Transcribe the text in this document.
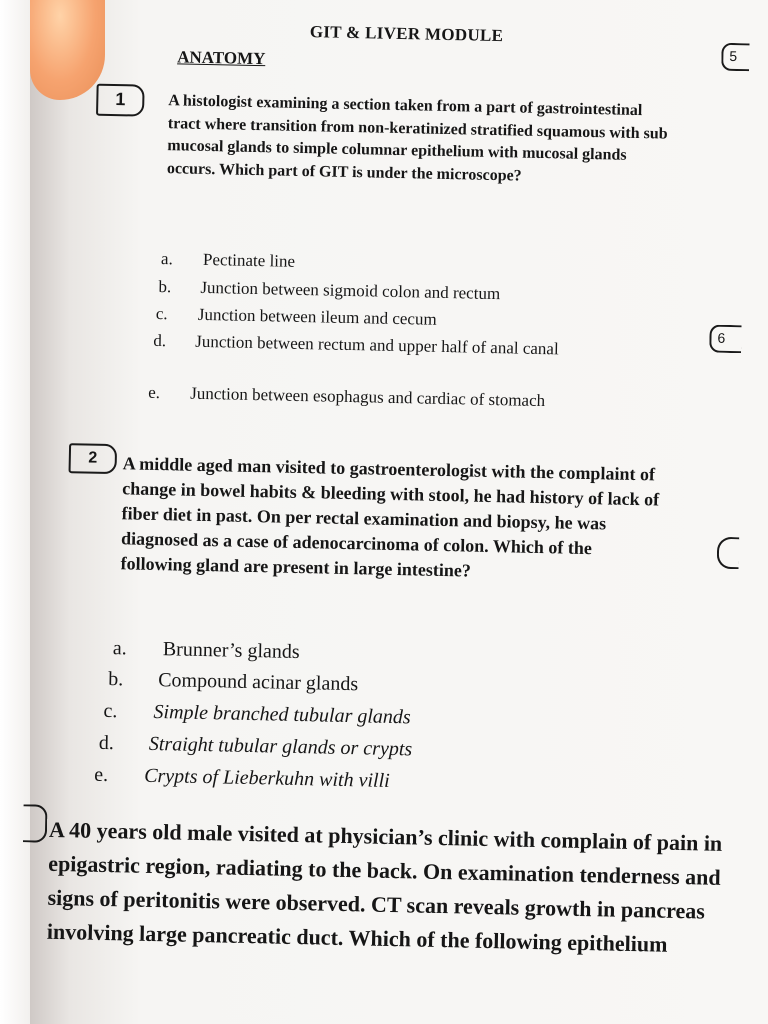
GIT & LIVER MODULE
ANATOMY	5
6
1	A histologist examining a section taken from a part of gastrointestinal tract where transition from non-keratinized stratified squamous with sub mucosal glands to simple columnar epithelium with mucosal glands occurs. Which part of GIT is under the microscope?

a. Pectinate line

b. Junction between sigmoid colon and rectum

c. Junction between ileum and cecum

d. Junction between rectum and upper half of anal canal

e. Junction between esophagus and cardiac of stomach

2	A middle aged man visited to gastroenterologist with the complaint of change in bowel habits & bleeding with stool, he had history of lack of fiber diet in past. On per rectal examination and biopsy, he was diagnosed as a case of adenocarcinoma of colon. Which of the following gland are present in large intestine?

a. Brunner’s glands

b. Compound acinar glands

c. Simple branched tubular glands

d. Straight tubular glands or crypts

e. Crypts of Lieberkuhn with villi

A 40 years old male visited at physician’s clinic with complain of pain in epigastric region, radiating to the back. On examination tenderness and signs of peritonitis were observed. CT scan reveals growth in pancreas involving large pancreatic duct. Which of the following epithelium
